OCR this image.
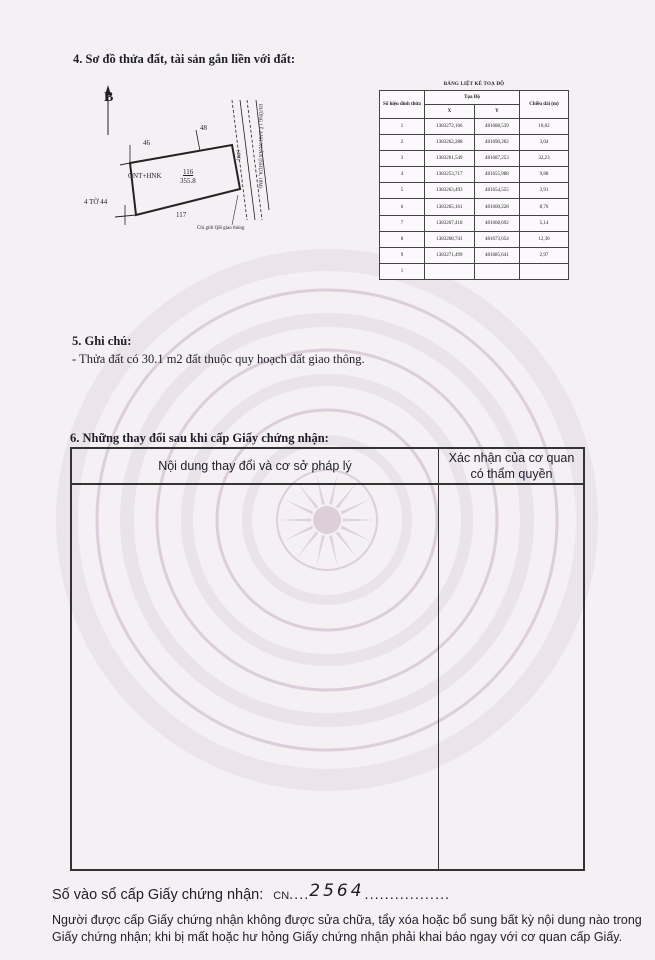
4. Sơ đồ thửa đất, tài sản gắn liền với đất:
B
46
48
ONT+HNK	116
355.8
4 TỜ 44
117
ĐƯỜNG LÊ ANH XUÂN (NHỰA, 18M)
(4M)
Chỉ giới QH giao thông
BẢNG LIỆT KÊ TOẠ ĐỘ
Số hiệu đỉnh thửa	Tọa Độ		Chiều dài (m)
	X	Y	
1	1383272,166	481688,539	10,02
2	1383262,288	481690,202	3,04
3	1383261,549	481687,253	32,23
4	1383253,717	481655,988	9,88
5	1383263,493	481654,555	3,91
6	1383265,161	481660,228	8,76
7	1383267,418	481668,692	5,14
8	1383268,741	481673,654	12,30
9	1383271,499	481685,641	2,97
1			
5. Ghi chú:
- Thửa đất có 30.1 m2 đất thuộc quy hoạch đất giao thông.
6. Những thay đổi sau khi cấp Giấy chứng nhận:
Nội dung thay đổi và cơ sở pháp lý
Xác nhận của cơ quan
có thẩm quyền
Số vào sổ cấp Giấy chứng nhận: CN....2564.................
Người được cấp Giấy chứng nhận không được sửa chữa, tẩy xóa hoặc bổ sung bất kỳ nội dung nào trong
Giấy chứng nhận; khi bị mất hoặc hư hỏng Giấy chứng nhận phải khai báo ngay với cơ quan cấp Giấy.
